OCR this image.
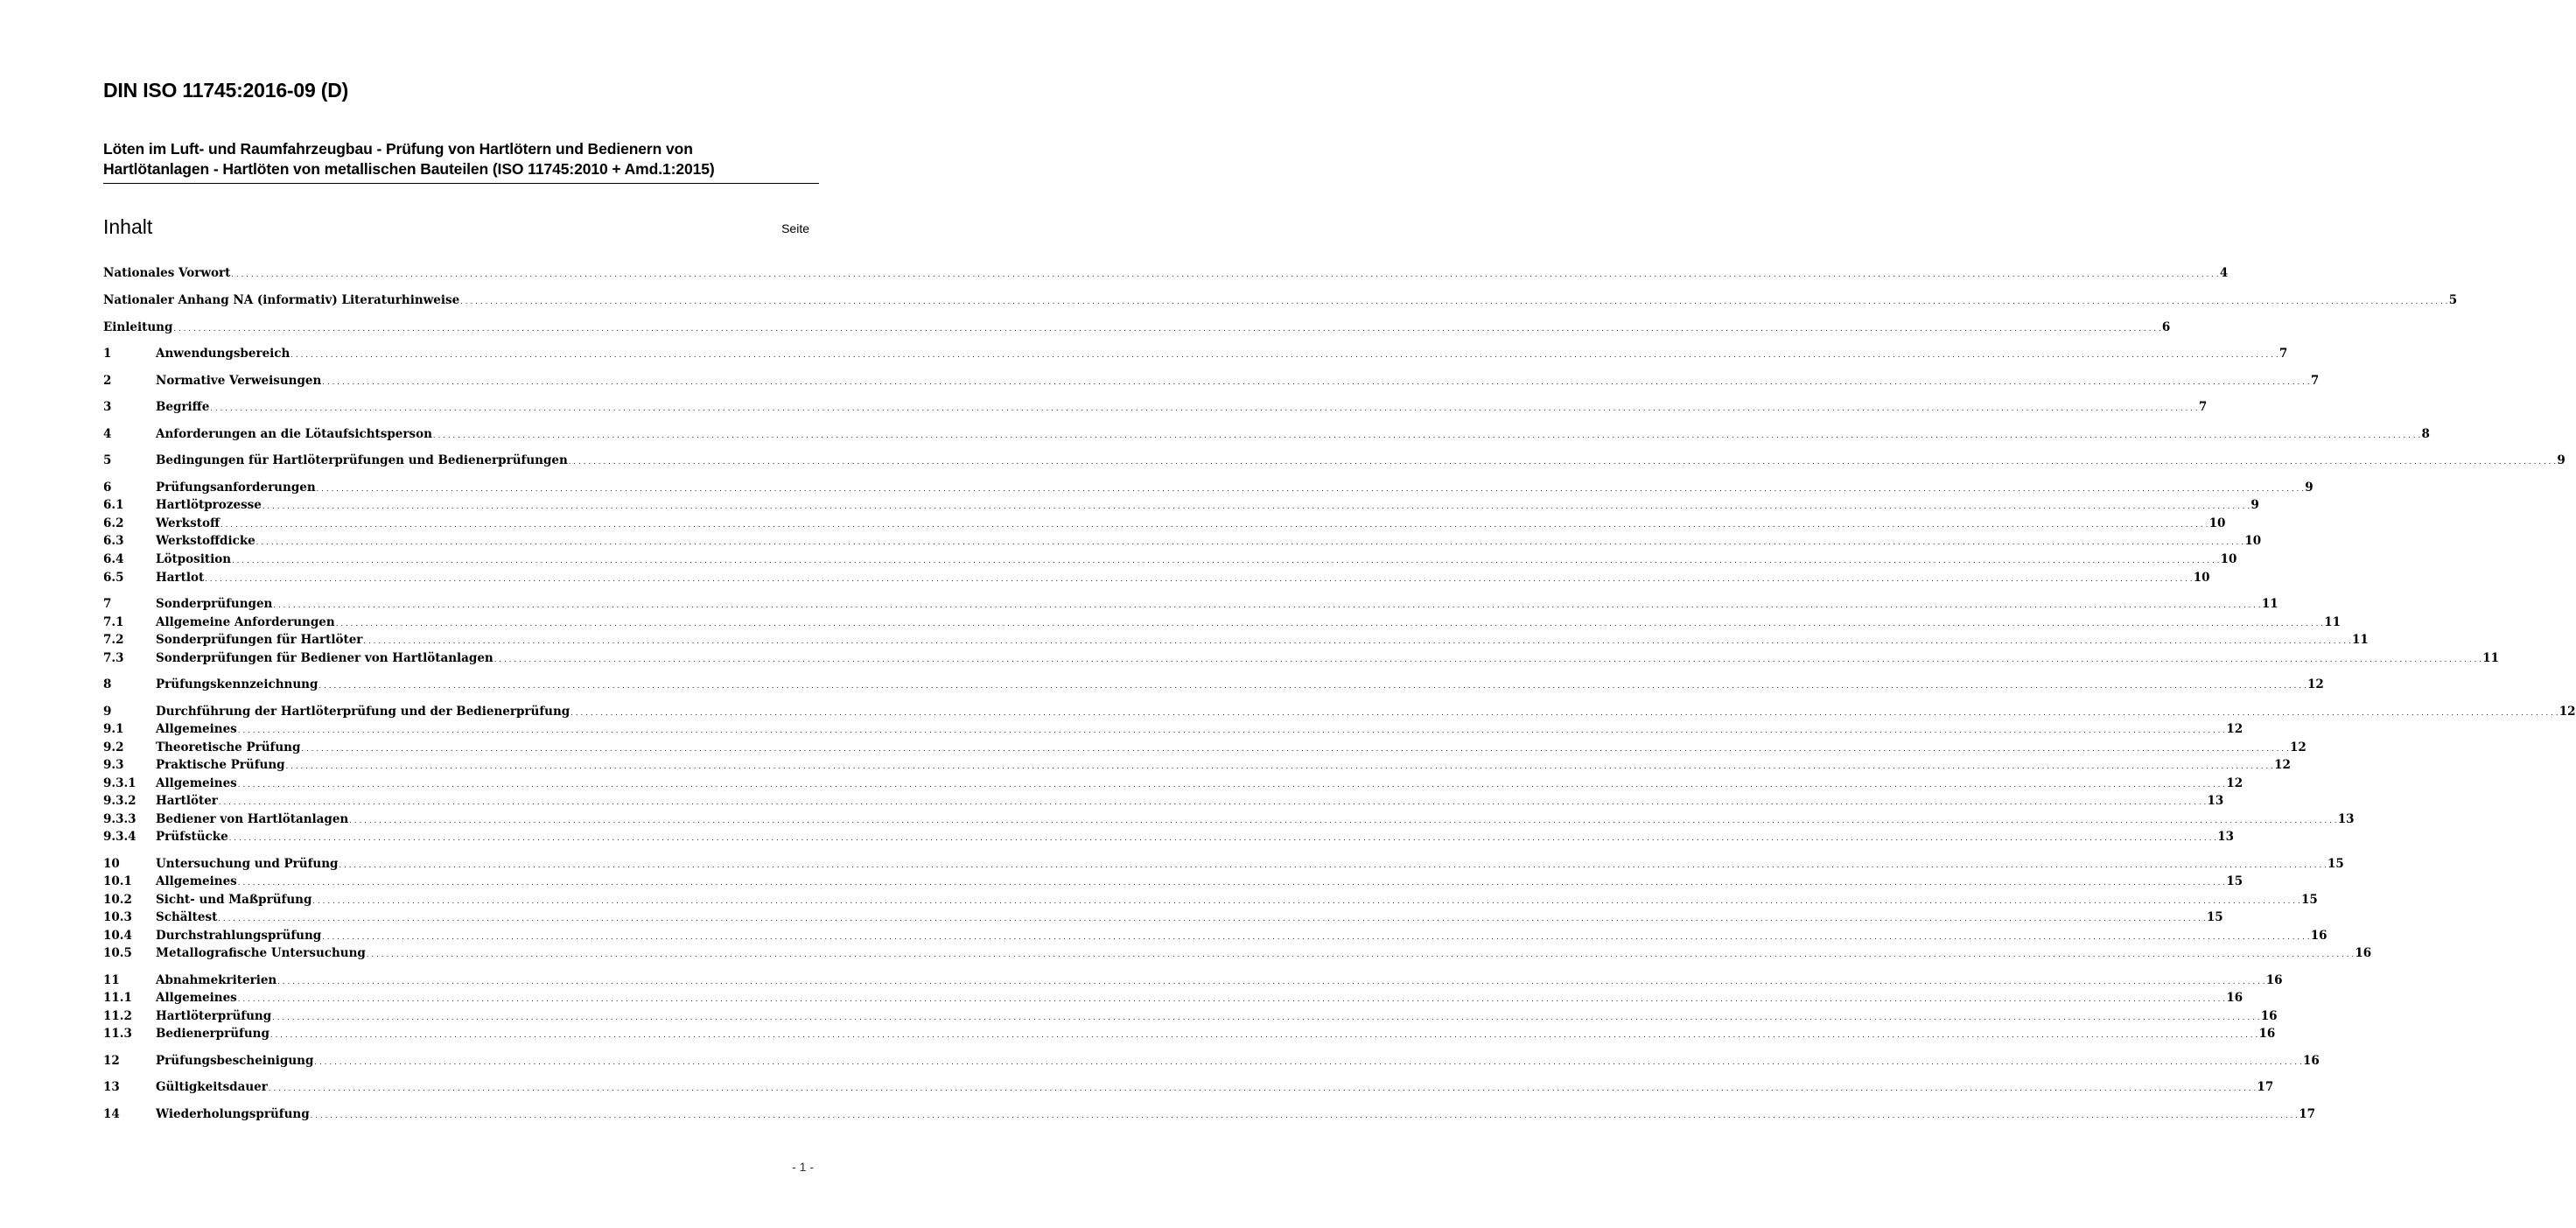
DIN ISO 11745:2016-09 (D)
Löten im Luft- und Raumfahrzeugbau - Prüfung von Hartlötern und Bedienern von
Hartlötanlagen - Hartlöten von metallischen Bauteilen (ISO 11745:2010 + Amd.1:2015)
Inhalt	Seite
Nationales Vorwort . . . . . . . . . . . . . . . . . . . . . . . . . . . . . . . . . . . . . . . . . . . . . . . . . . . . . . . . . . . . . . . . . . . . . . . . . . . . . . . . . . . . . . . . . . . . . . . . . . . . . . . . . . . . . . . . . . . . . . . . . . . . . . . . . . . . . . . . . . . . . . . . . . . . . . . . . . . . . . . . . . . . . . . . . . . . . . . . . . . . . . . . . . . . . . . . . . . . . . . . . . . . . . . . . . . . . . . . . . . . . . . . . . . . . . . . . . . . . . . . . . . . . . . . . . . . . . . . . . . . . . . . . . . . . . . . . . . . . . . . . . . . . . . . . . . . . . . . . . . . . . . . . . . . . . . . . . . . . . . . . . . . . . . . . . . . . . . . . . . . . . . . . . . . . . . . . . . . . . . . . . . . . . . . . . . . . . . . . . . . . . . . . . . . . . . . . . . . . . . . 4
Nationaler Anhang NA (informativ) Literaturhinweise . . . . . . . . . . . . . . . . . . . . . . . . . . . . . . . . . . . . . . . . . . . . . . . . . . . . . . . . . . . . . . . . . . . . . . . . . . . . . . . . . . . . . . . . . . . . . . . . . . . . . . . . . . . . . . . . . . . . . . . . . . . . . . . . . . . . . . . . . . . . . . . . . . . . . . . . . . . . . . . . . . . . . . . . . . . . . . . . . . . . . . . . . . . . . . . . . . . . . . . . . . . . . . . . . . . . . . . . . . . . . . . . . . . . . . . . . . . . . . . . . . . . . . . . . . . . . . . . . . . . . . . . . . . . . . . . . . . . . . . . . . . . . . . . . . . . . . . . . . . . . . . . . . . . . . . . . . . . . . . . . . . . . . . . . . . . . . . . . . . . . . . . . . . . . . . . . . . . . . . . . . . . . . . . . . . . . . . . . . . . . . . . . . . . . . . . . . . . . . . . 5
Einleitung . . . . . . . . . . . . . . . . . . . . . . . . . . . . . . . . . . . . . . . . . . . . . . . . . . . . . . . . . . . . . . . . . . . . . . . . . . . . . . . . . . . . . . . . . . . . . . . . . . . . . . . . . . . . . . . . . . . . . . . . . . . . . . . . . . . . . . . . . . . . . . . . . . . . . . . . . . . . . . . . . . . . . . . . . . . . . . . . . . . . . . . . . . . . . . . . . . . . . . . . . . . . . . . . . . . . . . . . . . . . . . . . . . . . . . . . . . . . . . . . . . . . . . . . . . . . . . . . . . . . . . . . . . . . . . . . . . . . . . . . . . . . . . . . . . . . . . . . . . . . . . . . . . . . . . . . . . . . . . . . . . . . . . . . . . . . . . . . . . . . . . . . . . . . . . . . . . . . . . . . . . . . . . . . . . . . . . . . . . . . . . . . . . . . . . . . . . . . . . . . 6
1	Anwendungsbereich . . . . . . . . . . . . . . . . . . . . . . . . . . . . . . . . . . . . . . . . . . . . . . . . . . . . . . . . . . . . . . . . . . . . . . . . . . . . . . . . . . . . . . . . . . . . . . . . . . . . . . . . . . . . . . . . . . . . . . . . . . . . . . . . . . . . . . . . . . . . . . . . . . . . . . . . . . . . . . . . . . . . . . . . . . . . . . . . . . . . . . . . . . . . . . . . . . . . . . . . . . . . . . . . . . . . . . . . . . . . . . . . . . . . . . . . . . . . . . . . . . . . . . . . . . . . . . . . . . . . . . . . . . . . . . . . . . . . . . . . . . . . . . . . . . . . . . . . . . . . . . . . . . . . . . . . . . . . . . . . . . . . . . . . . . . . . . . . . . . . . . . . . . . . . . . . . . . . . . . . . . . . . . . . . . . . . . . . . . . . . . . . . . . . . . . . . . . . . . . . 7
2	Normative Verweisungen . . . . . . . . . . . . . . . . . . . . . . . . . . . . . . . . . . . . . . . . . . . . . . . . . . . . . . . . . . . . . . . . . . . . . . . . . . . . . . . . . . . . . . . . . . . . . . . . . . . . . . . . . . . . . . . . . . . . . . . . . . . . . . . . . . . . . . . . . . . . . . . . . . . . . . . . . . . . . . . . . . . . . . . . . . . . . . . . . . . . . . . . . . . . . . . . . . . . . . . . . . . . . . . . . . . . . . . . . . . . . . . . . . . . . . . . . . . . . . . . . . . . . . . . . . . . . . . . . . . . . . . . . . . . . . . . . . . . . . . . . . . . . . . . . . . . . . . . . . . . . . . . . . . . . . . . . . . . . . . . . . . . . . . . . . . . . . . . . . . . . . . . . . . . . . . . . . . . . . . . . . . . . . . . . . . . . . . . . . . . . . . . . . . . . . . . . . . . . . . . 7
3	Begriffe . . . . . . . . . . . . . . . . . . . . . . . . . . . . . . . . . . . . . . . . . . . . . . . . . . . . . . . . . . . . . . . . . . . . . . . . . . . . . . . . . . . . . . . . . . . . . . . . . . . . . . . . . . . . . . . . . . . . . . . . . . . . . . . . . . . . . . . . . . . . . . . . . . . . . . . . . . . . . . . . . . . . . . . . . . . . . . . . . . . . . . . . . . . . . . . . . . . . . . . . . . . . . . . . . . . . . . . . . . . . . . . . . . . . . . . . . . . . . . . . . . . . . . . . . . . . . . . . . . . . . . . . . . . . . . . . . . . . . . . . . . . . . . . . . . . . . . . . . . . . . . . . . . . . . . . . . . . . . . . . . . . . . . . . . . . . . . . . . . . . . . . . . . . . . . . . . . . . . . . . . . . . . . . . . . . . . . . . . . . . . . . . . . . . . . . . . . . . . . . . 7
4	Anforderungen an die Lötaufsichtsperson . . . . . . . . . . . . . . . . . . . . . . . . . . . . . . . . . . . . . . . . . . . . . . . . . . . . . . . . . . . . . . . . . . . . . . . . . . . . . . . . . . . . . . . . . . . . . . . . . . . . . . . . . . . . . . . . . . . . . . . . . . . . . . . . . . . . . . . . . . . . . . . . . . . . . . . . . . . . . . . . . . . . . . . . . . . . . . . . . . . . . . . . . . . . . . . . . . . . . . . . . . . . . . . . . . . . . . . . . . . . . . . . . . . . . . . . . . . . . . . . . . . . . . . . . . . . . . . . . . . . . . . . . . . . . . . . . . . . . . . . . . . . . . . . . . . . . . . . . . . . . . . . . . . . . . . . . . . . . . . . . . . . . . . . . . . . . . . . . . . . . . . . . . . . . . . . . . . . . . . . . . . . . . . . . . . . . . . . . . . . . . . . . . . . . . . . . . . . . . . . 8
5	Bedingungen für Hartlöterprüfungen und Bedienerprüfungen . . . . . . . . . . . . . . . . . . . . . . . . . . . . . . . . . . . . . . . . . . . . . . . . . . . . . . . . . . . . . . . . . . . . . . . . . . . . . . . . . . . . . . . . . . . . . . . . . . . . . . . . . . . . . . . . . . . . . . . . . . . . . . . . . . . . . . . . . . . . . . . . . . . . . . . . . . . . . . . . . . . . . . . . . . . . . . . . . . . . . . . . . . . . . . . . . . . . . . . . . . . . . . . . . . . . . . . . . . . . . . . . . . . . . . . . . . . . . . . . . . . . . . . . . . . . . . . . . . . . . . . . . . . . . . . . . . . . . . . . . . . . . . . . . . . . . . . . . . . . . . . . . . . . . . . . . . . . . . . . . . . . . . . . . . . . . . . . . . . . . . . . . . . . . . . . . . . . . . . . . . . . . . . . . . . . . . . . . . . . . . . . . . . . . . . . . . . . . . . . 9
6	Prüfungsanforderungen . . . . . . . . . . . . . . . . . . . . . . . . . . . . . . . . . . . . . . . . . . . . . . . . . . . . . . . . . . . . . . . . . . . . . . . . . . . . . . . . . . . . . . . . . . . . . . . . . . . . . . . . . . . . . . . . . . . . . . . . . . . . . . . . . . . . . . . . . . . . . . . . . . . . . . . . . . . . . . . . . . . . . . . . . . . . . . . . . . . . . . . . . . . . . . . . . . . . . . . . . . . . . . . . . . . . . . . . . . . . . . . . . . . . . . . . . . . . . . . . . . . . . . . . . . . . . . . . . . . . . . . . . . . . . . . . . . . . . . . . . . . . . . . . . . . . . . . . . . . . . . . . . . . . . . . . . . . . . . . . . . . . . . . . . . . . . . . . . . . . . . . . . . . . . . . . . . . . . . . . . . . . . . . . . . . . . . . . . . . . . . . . . . . . . . . . . . . . . . . . 9
6.1	Hartlötprozesse . . . . . . . . . . . . . . . . . . . . . . . . . . . . . . . . . . . . . . . . . . . . . . . . . . . . . . . . . . . . . . . . . . . . . . . . . . . . . . . . . . . . . . . . . . . . . . . . . . . . . . . . . . . . . . . . . . . . . . . . . . . . . . . . . . . . . . . . . . . . . . . . . . . . . . . . . . . . . . . . . . . . . . . . . . . . . . . . . . . . . . . . . . . . . . . . . . . . . . . . . . . . . . . . . . . . . . . . . . . . . . . . . . . . . . . . . . . . . . . . . . . . . . . . . . . . . . . . . . . . . . . . . . . . . . . . . . . . . . . . . . . . . . . . . . . . . . . . . . . . . . . . . . . . . . . . . . . . . . . . . . . . . . . . . . . . . . . . . . . . . . . . . . . . . . . . . . . . . . . . . . . . . . . . . . . . . . . . . . . . . . . . . . . . . . . . . . . . . . . . 9
6.2	Werkstoff . . . . . . . . . . . . . . . . . . . . . . . . . . . . . . . . . . . . . . . . . . . . . . . . . . . . . . . . . . . . . . . . . . . . . . . . . . . . . . . . . . . . . . . . . . . . . . . . . . . . . . . . . . . . . . . . . . . . . . . . . . . . . . . . . . . . . . . . . . . . . . . . . . . . . . . . . . . . . . . . . . . . . . . . . . . . . . . . . . . . . . . . . . . . . . . . . . . . . . . . . . . . . . . . . . . . . . . . . . . . . . . . . . . . . . . . . . . . . . . . . . . . . . . . . . . . . . . . . . . . . . . . . . . . . . . . . . . . . . . . . . . . . . . . . . . . . . . . . . . . . . . . . . . . . . . . . . . . . . . . . . . . . . . . . . . . . . . . . . . . . . . . . . . . . . . . . . . . . . . . . . . . . . . . . . . . . . . . . . . . . . . . . . . . . . . . . . . . . . . . 10
6.3	Werkstoffdicke . . . . . . . . . . . . . . . . . . . . . . . . . . . . . . . . . . . . . . . . . . . . . . . . . . . . . . . . . . . . . . . . . . . . . . . . . . . . . . . . . . . . . . . . . . . . . . . . . . . . . . . . . . . . . . . . . . . . . . . . . . . . . . . . . . . . . . . . . . . . . . . . . . . . . . . . . . . . . . . . . . . . . . . . . . . . . . . . . . . . . . . . . . . . . . . . . . . . . . . . . . . . . . . . . . . . . . . . . . . . . . . . . . . . . . . . . . . . . . . . . . . . . . . . . . . . . . . . . . . . . . . . . . . . . . . . . . . . . . . . . . . . . . . . . . . . . . . . . . . . . . . . . . . . . . . . . . . . . . . . . . . . . . . . . . . . . . . . . . . . . . . . . . . . . . . . . . . . . . . . . . . . . . . . . . . . . . . . . . . . . . . . . . . . . . . . . . . . . . . . 10
6.4	Lötposition . . . . . . . . . . . . . . . . . . . . . . . . . . . . . . . . . . . . . . . . . . . . . . . . . . . . . . . . . . . . . . . . . . . . . . . . . . . . . . . . . . . . . . . . . . . . . . . . . . . . . . . . . . . . . . . . . . . . . . . . . . . . . . . . . . . . . . . . . . . . . . . . . . . . . . . . . . . . . . . . . . . . . . . . . . . . . . . . . . . . . . . . . . . . . . . . . . . . . . . . . . . . . . . . . . . . . . . . . . . . . . . . . . . . . . . . . . . . . . . . . . . . . . . . . . . . . . . . . . . . . . . . . . . . . . . . . . . . . . . . . . . . . . . . . . . . . . . . . . . . . . . . . . . . . . . . . . . . . . . . . . . . . . . . . . . . . . . . . . . . . . . . . . . . . . . . . . . . . . . . . . . . . . . . . . . . . . . . . . . . . . . . . . . . . . . . . . . . . . . . 10
6.5	Hartlot . . . . . . . . . . . . . . . . . . . . . . . . . . . . . . . . . . . . . . . . . . . . . . . . . . . . . . . . . . . . . . . . . . . . . . . . . . . . . . . . . . . . . . . . . . . . . . . . . . . . . . . . . . . . . . . . . . . . . . . . . . . . . . . . . . . . . . . . . . . . . . . . . . . . . . . . . . . . . . . . . . . . . . . . . . . . . . . . . . . . . . . . . . . . . . . . . . . . . . . . . . . . . . . . . . . . . . . . . . . . . . . . . . . . . . . . . . . . . . . . . . . . . . . . . . . . . . . . . . . . . . . . . . . . . . . . . . . . . . . . . . . . . . . . . . . . . . . . . . . . . . . . . . . . . . . . . . . . . . . . . . . . . . . . . . . . . . . . . . . . . . . . . . . . . . . . . . . . . . . . . . . . . . . . . . . . . . . . . . . . . . . . . . . . . . . . . . . . . . . . 10
7	Sonderprüfungen . . . . . . . . . . . . . . . . . . . . . . . . . . . . . . . . . . . . . . . . . . . . . . . . . . . . . . . . . . . . . . . . . . . . . . . . . . . . . . . . . . . . . . . . . . . . . . . . . . . . . . . . . . . . . . . . . . . . . . . . . . . . . . . . . . . . . . . . . . . . . . . . . . . . . . . . . . . . . . . . . . . . . . . . . . . . . . . . . . . . . . . . . . . . . . . . . . . . . . . . . . . . . . . . . . . . . . . . . . . . . . . . . . . . . . . . . . . . . . . . . . . . . . . . . . . . . . . . . . . . . . . . . . . . . . . . . . . . . . . . . . . . . . . . . . . . . . . . . . . . . . . . . . . . . . . . . . . . . . . . . . . . . . . . . . . . . . . . . . . . . . . . . . . . . . . . . . . . . . . . . . . . . . . . . . . . . . . . . . . . . . . . . . . . . . . . . . . . . . . . 11
7.1	Allgemeine Anforderungen . . . . . . . . . . . . . . . . . . . . . . . . . . . . . . . . . . . . . . . . . . . . . . . . . . . . . . . . . . . . . . . . . . . . . . . . . . . . . . . . . . . . . . . . . . . . . . . . . . . . . . . . . . . . . . . . . . . . . . . . . . . . . . . . . . . . . . . . . . . . . . . . . . . . . . . . . . . . . . . . . . . . . . . . . . . . . . . . . . . . . . . . . . . . . . . . . . . . . . . . . . . . . . . . . . . . . . . . . . . . . . . . . . . . . . . . . . . . . . . . . . . . . . . . . . . . . . . . . . . . . . . . . . . . . . . . . . . . . . . . . . . . . . . . . . . . . . . . . . . . . . . . . . . . . . . . . . . . . . . . . . . . . . . . . . . . . . . . . . . . . . . . . . . . . . . . . . . . . . . . . . . . . . . . . . . . . . . . . . . . . . . . . . . . . . . . . . . . . . . . 11
7.2	Sonderprüfungen für Hartlöter . . . . . . . . . . . . . . . . . . . . . . . . . . . . . . . . . . . . . . . . . . . . . . . . . . . . . . . . . . . . . . . . . . . . . . . . . . . . . . . . . . . . . . . . . . . . . . . . . . . . . . . . . . . . . . . . . . . . . . . . . . . . . . . . . . . . . . . . . . . . . . . . . . . . . . . . . . . . . . . . . . . . . . . . . . . . . . . . . . . . . . . . . . . . . . . . . . . . . . . . . . . . . . . . . . . . . . . . . . . . . . . . . . . . . . . . . . . . . . . . . . . . . . . . . . . . . . . . . . . . . . . . . . . . . . . . . . . . . . . . . . . . . . . . . . . . . . . . . . . . . . . . . . . . . . . . . . . . . . . . . . . . . . . . . . . . . . . . . . . . . . . . . . . . . . . . . . . . . . . . . . . . . . . . . . . . . . . . . . . . . . . . . . . . . . . . . . . . . . . . 11
7.3	Sonderprüfungen für Bediener von Hartlötanlagen . . . . . . . . . . . . . . . . . . . . . . . . . . . . . . . . . . . . . . . . . . . . . . . . . . . . . . . . . . . . . . . . . . . . . . . . . . . . . . . . . . . . . . . . . . . . . . . . . . . . . . . . . . . . . . . . . . . . . . . . . . . . . . . . . . . . . . . . . . . . . . . . . . . . . . . . . . . . . . . . . . . . . . . . . . . . . . . . . . . . . . . . . . . . . . . . . . . . . . . . . . . . . . . . . . . . . . . . . . . . . . . . . . . . . . . . . . . . . . . . . . . . . . . . . . . . . . . . . . . . . . . . . . . . . . . . . . . . . . . . . . . . . . . . . . . . . . . . . . . . . . . . . . . . . . . . . . . . . . . . . . . . . . . . . . . . . . . . . . . . . . . . . . . . . . . . . . . . . . . . . . . . . . . . . . . . . . . . . . . . . . . . . . . . . . . . . . . . . . . . 11
8	Prüfungskennzeichnung . . . . . . . . . . . . . . . . . . . . . . . . . . . . . . . . . . . . . . . . . . . . . . . . . . . . . . . . . . . . . . . . . . . . . . . . . . . . . . . . . . . . . . . . . . . . . . . . . . . . . . . . . . . . . . . . . . . . . . . . . . . . . . . . . . . . . . . . . . . . . . . . . . . . . . . . . . . . . . . . . . . . . . . . . . . . . . . . . . . . . . . . . . . . . . . . . . . . . . . . . . . . . . . . . . . . . . . . . . . . . . . . . . . . . . . . . . . . . . . . . . . . . . . . . . . . . . . . . . . . . . . . . . . . . . . . . . . . . . . . . . . . . . . . . . . . . . . . . . . . . . . . . . . . . . . . . . . . . . . . . . . . . . . . . . . . . . . . . . . . . . . . . . . . . . . . . . . . . . . . . . . . . . . . . . . . . . . . . . . . . . . . . . . . . . . . . . . . . . . . 12
9	Durchführung der Hartlöterprüfung und der Bedienerprüfung . . . . . . . . . . . . . . . . . . . . . . . . . . . . . . . . . . . . . . . . . . . . . . . . . . . . . . . . . . . . . . . . . . . . . . . . . . . . . . . . . . . . . . . . . . . . . . . . . . . . . . . . . . . . . . . . . . . . . . . . . . . . . . . . . . . . . . . . . . . . . . . . . . . . . . . . . . . . . . . . . . . . . . . . . . . . . . . . . . . . . . . . . . . . . . . . . . . . . . . . . . . . . . . . . . . . . . . . . . . . . . . . . . . . . . . . . . . . . . . . . . . . . . . . . . . . . . . . . . . . . . . . . . . . . . . . . . . . . . . . . . . . . . . . . . . . . . . . . . . . . . . . . . . . . . . . . . . . . . . . . . . . . . . . . . . . . . . . . . . . . . . . . . . . . . . . . . . . . . . . . . . . . . . . . . . . . . . . . . . . . . . . . . . . . . . . . . . . . . . . 12
9.1	Allgemeines . . . . . . . . . . . . . . . . . . . . . . . . . . . . . . . . . . . . . . . . . . . . . . . . . . . . . . . . . . . . . . . . . . . . . . . . . . . . . . . . . . . . . . . . . . . . . . . . . . . . . . . . . . . . . . . . . . . . . . . . . . . . . . . . . . . . . . . . . . . . . . . . . . . . . . . . . . . . . . . . . . . . . . . . . . . . . . . . . . . . . . . . . . . . . . . . . . . . . . . . . . . . . . . . . . . . . . . . . . . . . . . . . . . . . . . . . . . . . . . . . . . . . . . . . . . . . . . . . . . . . . . . . . . . . . . . . . . . . . . . . . . . . . . . . . . . . . . . . . . . . . . . . . . . . . . . . . . . . . . . . . . . . . . . . . . . . . . . . . . . . . . . . . . . . . . . . . . . . . . . . . . . . . . . . . . . . . . . . . . . . . . . . . . . . . . . . . . . . . . . 12
9.2	Theoretische Prüfung . . . . . . . . . . . . . . . . . . . . . . . . . . . . . . . . . . . . . . . . . . . . . . . . . . . . . . . . . . . . . . . . . . . . . . . . . . . . . . . . . . . . . . . . . . . . . . . . . . . . . . . . . . . . . . . . . . . . . . . . . . . . . . . . . . . . . . . . . . . . . . . . . . . . . . . . . . . . . . . . . . . . . . . . . . . . . . . . . . . . . . . . . . . . . . . . . . . . . . . . . . . . . . . . . . . . . . . . . . . . . . . . . . . . . . . . . . . . . . . . . . . . . . . . . . . . . . . . . . . . . . . . . . . . . . . . . . . . . . . . . . . . . . . . . . . . . . . . . . . . . . . . . . . . . . . . . . . . . . . . . . . . . . . . . . . . . . . . . . . . . . . . . . . . . . . . . . . . . . . . . . . . . . . . . . . . . . . . . . . . . . . . . . . . . . . . . . . . . . . . 12
9.3	Praktische Prüfung . . . . . . . . . . . . . . . . . . . . . . . . . . . . . . . . . . . . . . . . . . . . . . . . . . . . . . . . . . . . . . . . . . . . . . . . . . . . . . . . . . . . . . . . . . . . . . . . . . . . . . . . . . . . . . . . . . . . . . . . . . . . . . . . . . . . . . . . . . . . . . . . . . . . . . . . . . . . . . . . . . . . . . . . . . . . . . . . . . . . . . . . . . . . . . . . . . . . . . . . . . . . . . . . . . . . . . . . . . . . . . . . . . . . . . . . . . . . . . . . . . . . . . . . . . . . . . . . . . . . . . . . . . . . . . . . . . . . . . . . . . . . . . . . . . . . . . . . . . . . . . . . . . . . . . . . . . . . . . . . . . . . . . . . . . . . . . . . . . . . . . . . . . . . . . . . . . . . . . . . . . . . . . . . . . . . . . . . . . . . . . . . . . . . . . . . . . . . . . . . 12
9.3.1	Allgemeines . . . . . . . . . . . . . . . . . . . . . . . . . . . . . . . . . . . . . . . . . . . . . . . . . . . . . . . . . . . . . . . . . . . . . . . . . . . . . . . . . . . . . . . . . . . . . . . . . . . . . . . . . . . . . . . . . . . . . . . . . . . . . . . . . . . . . . . . . . . . . . . . . . . . . . . . . . . . . . . . . . . . . . . . . . . . . . . . . . . . . . . . . . . . . . . . . . . . . . . . . . . . . . . . . . . . . . . . . . . . . . . . . . . . . . . . . . . . . . . . . . . . . . . . . . . . . . . . . . . . . . . . . . . . . . . . . . . . . . . . . . . . . . . . . . . . . . . . . . . . . . . . . . . . . . . . . . . . . . . . . . . . . . . . . . . . . . . . . . . . . . . . . . . . . . . . . . . . . . . . . . . . . . . . . . . . . . . . . . . . . . . . . . . . . . . . . . . . . . . . 12
9.3.2	Hartlöter . . . . . . . . . . . . . . . . . . . . . . . . . . . . . . . . . . . . . . . . . . . . . . . . . . . . . . . . . . . . . . . . . . . . . . . . . . . . . . . . . . . . . . . . . . . . . . . . . . . . . . . . . . . . . . . . . . . . . . . . . . . . . . . . . . . . . . . . . . . . . . . . . . . . . . . . . . . . . . . . . . . . . . . . . . . . . . . . . . . . . . . . . . . . . . . . . . . . . . . . . . . . . . . . . . . . . . . . . . . . . . . . . . . . . . . . . . . . . . . . . . . . . . . . . . . . . . . . . . . . . . . . . . . . . . . . . . . . . . . . . . . . . . . . . . . . . . . . . . . . . . . . . . . . . . . . . . . . . . . . . . . . . . . . . . . . . . . . . . . . . . . . . . . . . . . . . . . . . . . . . . . . . . . . . . . . . . . . . . . . . . . . . . . . . . . . . . . . . . . . 13
9.3.3	Bediener von Hartlötanlagen . . . . . . . . . . . . . . . . . . . . . . . . . . . . . . . . . . . . . . . . . . . . . . . . . . . . . . . . . . . . . . . . . . . . . . . . . . . . . . . . . . . . . . . . . . . . . . . . . . . . . . . . . . . . . . . . . . . . . . . . . . . . . . . . . . . . . . . . . . . . . . . . . . . . . . . . . . . . . . . . . . . . . . . . . . . . . . . . . . . . . . . . . . . . . . . . . . . . . . . . . . . . . . . . . . . . . . . . . . . . . . . . . . . . . . . . . . . . . . . . . . . . . . . . . . . . . . . . . . . . . . . . . . . . . . . . . . . . . . . . . . . . . . . . . . . . . . . . . . . . . . . . . . . . . . . . . . . . . . . . . . . . . . . . . . . . . . . . . . . . . . . . . . . . . . . . . . . . . . . . . . . . . . . . . . . . . . . . . . . . . . . . . . . . . . . . . . . . . . . . 13
9.3.4	Prüfstücke . . . . . . . . . . . . . . . . . . . . . . . . . . . . . . . . . . . . . . . . . . . . . . . . . . . . . . . . . . . . . . . . . . . . . . . . . . . . . . . . . . . . . . . . . . . . . . . . . . . . . . . . . . . . . . . . . . . . . . . . . . . . . . . . . . . . . . . . . . . . . . . . . . . . . . . . . . . . . . . . . . . . . . . . . . . . . . . . . . . . . . . . . . . . . . . . . . . . . . . . . . . . . . . . . . . . . . . . . . . . . . . . . . . . . . . . . . . . . . . . . . . . . . . . . . . . . . . . . . . . . . . . . . . . . . . . . . . . . . . . . . . . . . . . . . . . . . . . . . . . . . . . . . . . . . . . . . . . . . . . . . . . . . . . . . . . . . . . . . . . . . . . . . . . . . . . . . . . . . . . . . . . . . . . . . . . . . . . . . . . . . . . . . . . . . . . . . . . . . . . 13
10	Untersuchung und Prüfung . . . . . . . . . . . . . . . . . . . . . . . . . . . . . . . . . . . . . . . . . . . . . . . . . . . . . . . . . . . . . . . . . . . . . . . . . . . . . . . . . . . . . . . . . . . . . . . . . . . . . . . . . . . . . . . . . . . . . . . . . . . . . . . . . . . . . . . . . . . . . . . . . . . . . . . . . . . . . . . . . . . . . . . . . . . . . . . . . . . . . . . . . . . . . . . . . . . . . . . . . . . . . . . . . . . . . . . . . . . . . . . . . . . . . . . . . . . . . . . . . . . . . . . . . . . . . . . . . . . . . . . . . . . . . . . . . . . . . . . . . . . . . . . . . . . . . . . . . . . . . . . . . . . . . . . . . . . . . . . . . . . . . . . . . . . . . . . . . . . . . . . . . . . . . . . . . . . . . . . . . . . . . . . . . . . . . . . . . . . . . . . . . . . . . . . . . . . . . . . . 15
10.1	Allgemeines . . . . . . . . . . . . . . . . . . . . . . . . . . . . . . . . . . . . . . . . . . . . . . . . . . . . . . . . . . . . . . . . . . . . . . . . . . . . . . . . . . . . . . . . . . . . . . . . . . . . . . . . . . . . . . . . . . . . . . . . . . . . . . . . . . . . . . . . . . . . . . . . . . . . . . . . . . . . . . . . . . . . . . . . . . . . . . . . . . . . . . . . . . . . . . . . . . . . . . . . . . . . . . . . . . . . . . . . . . . . . . . . . . . . . . . . . . . . . . . . . . . . . . . . . . . . . . . . . . . . . . . . . . . . . . . . . . . . . . . . . . . . . . . . . . . . . . . . . . . . . . . . . . . . . . . . . . . . . . . . . . . . . . . . . . . . . . . . . . . . . . . . . . . . . . . . . . . . . . . . . . . . . . . . . . . . . . . . . . . . . . . . . . . . . . . . . . . . . . . . 15
10.2	Sicht- und Maßprüfung . . . . . . . . . . . . . . . . . . . . . . . . . . . . . . . . . . . . . . . . . . . . . . . . . . . . . . . . . . . . . . . . . . . . . . . . . . . . . . . . . . . . . . . . . . . . . . . . . . . . . . . . . . . . . . . . . . . . . . . . . . . . . . . . . . . . . . . . . . . . . . . . . . . . . . . . . . . . . . . . . . . . . . . . . . . . . . . . . . . . . . . . . . . . . . . . . . . . . . . . . . . . . . . . . . . . . . . . . . . . . . . . . . . . . . . . . . . . . . . . . . . . . . . . . . . . . . . . . . . . . . . . . . . . . . . . . . . . . . . . . . . . . . . . . . . . . . . . . . . . . . . . . . . . . . . . . . . . . . . . . . . . . . . . . . . . . . . . . . . . . . . . . . . . . . . . . . . . . . . . . . . . . . . . . . . . . . . . . . . . . . . . . . . . . . . . . . . . . . . . 15
10.3	Schältest . . . . . . . . . . . . . . . . . . . . . . . . . . . . . . . . . . . . . . . . . . . . . . . . . . . . . . . . . . . . . . . . . . . . . . . . . . . . . . . . . . . . . . . . . . . . . . . . . . . . . . . . . . . . . . . . . . . . . . . . . . . . . . . . . . . . . . . . . . . . . . . . . . . . . . . . . . . . . . . . . . . . . . . . . . . . . . . . . . . . . . . . . . . . . . . . . . . . . . . . . . . . . . . . . . . . . . . . . . . . . . . . . . . . . . . . . . . . . . . . . . . . . . . . . . . . . . . . . . . . . . . . . . . . . . . . . . . . . . . . . . . . . . . . . . . . . . . . . . . . . . . . . . . . . . . . . . . . . . . . . . . . . . . . . . . . . . . . . . . . . . . . . . . . . . . . . . . . . . . . . . . . . . . . . . . . . . . . . . . . . . . . . . . . . . . . . . . . . . . . 15
10.4	Durchstrahlungsprüfung . . . . . . . . . . . . . . . . . . . . . . . . . . . . . . . . . . . . . . . . . . . . . . . . . . . . . . . . . . . . . . . . . . . . . . . . . . . . . . . . . . . . . . . . . . . . . . . . . . . . . . . . . . . . . . . . . . . . . . . . . . . . . . . . . . . . . . . . . . . . . . . . . . . . . . . . . . . . . . . . . . . . . . . . . . . . . . . . . . . . . . . . . . . . . . . . . . . . . . . . . . . . . . . . . . . . . . . . . . . . . . . . . . . . . . . . . . . . . . . . . . . . . . . . . . . . . . . . . . . . . . . . . . . . . . . . . . . . . . . . . . . . . . . . . . . . . . . . . . . . . . . . . . . . . . . . . . . . . . . . . . . . . . . . . . . . . . . . . . . . . . . . . . . . . . . . . . . . . . . . . . . . . . . . . . . . . . . . . . . . . . . . . . . . . . . . . . . . . . . . 16
10.5	Metallografische Untersuchung . . . . . . . . . . . . . . . . . . . . . . . . . . . . . . . . . . . . . . . . . . . . . . . . . . . . . . . . . . . . . . . . . . . . . . . . . . . . . . . . . . . . . . . . . . . . . . . . . . . . . . . . . . . . . . . . . . . . . . . . . . . . . . . . . . . . . . . . . . . . . . . . . . . . . . . . . . . . . . . . . . . . . . . . . . . . . . . . . . . . . . . . . . . . . . . . . . . . . . . . . . . . . . . . . . . . . . . . . . . . . . . . . . . . . . . . . . . . . . . . . . . . . . . . . . . . . . . . . . . . . . . . . . . . . . . . . . . . . . . . . . . . . . . . . . . . . . . . . . . . . . . . . . . . . . . . . . . . . . . . . . . . . . . . . . . . . . . . . . . . . . . . . . . . . . . . . . . . . . . . . . . . . . . . . . . . . . . . . . . . . . . . . . . . . . . . . . . . . . . . 16
11	Abnahmekriterien . . . . . . . . . . . . . . . . . . . . . . . . . . . . . . . . . . . . . . . . . . . . . . . . . . . . . . . . . . . . . . . . . . . . . . . . . . . . . . . . . . . . . . . . . . . . . . . . . . . . . . . . . . . . . . . . . . . . . . . . . . . . . . . . . . . . . . . . . . . . . . . . . . . . . . . . . . . . . . . . . . . . . . . . . . . . . . . . . . . . . . . . . . . . . . . . . . . . . . . . . . . . . . . . . . . . . . . . . . . . . . . . . . . . . . . . . . . . . . . . . . . . . . . . . . . . . . . . . . . . . . . . . . . . . . . . . . . . . . . . . . . . . . . . . . . . . . . . . . . . . . . . . . . . . . . . . . . . . . . . . . . . . . . . . . . . . . . . . . . . . . . . . . . . . . . . . . . . . . . . . . . . . . . . . . . . . . . . . . . . . . . . . . . . . . . . . . . . . . . . 16
11.1	Allgemeines . . . . . . . . . . . . . . . . . . . . . . . . . . . . . . . . . . . . . . . . . . . . . . . . . . . . . . . . . . . . . . . . . . . . . . . . . . . . . . . . . . . . . . . . . . . . . . . . . . . . . . . . . . . . . . . . . . . . . . . . . . . . . . . . . . . . . . . . . . . . . . . . . . . . . . . . . . . . . . . . . . . . . . . . . . . . . . . . . . . . . . . . . . . . . . . . . . . . . . . . . . . . . . . . . . . . . . . . . . . . . . . . . . . . . . . . . . . . . . . . . . . . . . . . . . . . . . . . . . . . . . . . . . . . . . . . . . . . . . . . . . . . . . . . . . . . . . . . . . . . . . . . . . . . . . . . . . . . . . . . . . . . . . . . . . . . . . . . . . . . . . . . . . . . . . . . . . . . . . . . . . . . . . . . . . . . . . . . . . . . . . . . . . . . . . . . . . . . . . . . 16
11.2	Hartlöterprüfung . . . . . . . . . . . . . . . . . . . . . . . . . . . . . . . . . . . . . . . . . . . . . . . . . . . . . . . . . . . . . . . . . . . . . . . . . . . . . . . . . . . . . . . . . . . . . . . . . . . . . . . . . . . . . . . . . . . . . . . . . . . . . . . . . . . . . . . . . . . . . . . . . . . . . . . . . . . . . . . . . . . . . . . . . . . . . . . . . . . . . . . . . . . . . . . . . . . . . . . . . . . . . . . . . . . . . . . . . . . . . . . . . . . . . . . . . . . . . . . . . . . . . . . . . . . . . . . . . . . . . . . . . . . . . . . . . . . . . . . . . . . . . . . . . . . . . . . . . . . . . . . . . . . . . . . . . . . . . . . . . . . . . . . . . . . . . . . . . . . . . . . . . . . . . . . . . . . . . . . . . . . . . . . . . . . . . . . . . . . . . . . . . . . . . . . . . . . . . . . . 16
11.3	Bedienerprüfung . . . . . . . . . . . . . . . . . . . . . . . . . . . . . . . . . . . . . . . . . . . . . . . . . . . . . . . . . . . . . . . . . . . . . . . . . . . . . . . . . . . . . . . . . . . . . . . . . . . . . . . . . . . . . . . . . . . . . . . . . . . . . . . . . . . . . . . . . . . . . . . . . . . . . . . . . . . . . . . . . . . . . . . . . . . . . . . . . . . . . . . . . . . . . . . . . . . . . . . . . . . . . . . . . . . . . . . . . . . . . . . . . . . . . . . . . . . . . . . . . . . . . . . . . . . . . . . . . . . . . . . . . . . . . . . . . . . . . . . . . . . . . . . . . . . . . . . . . . . . . . . . . . . . . . . . . . . . . . . . . . . . . . . . . . . . . . . . . . . . . . . . . . . . . . . . . . . . . . . . . . . . . . . . . . . . . . . . . . . . . . . . . . . . . . . . . . . . . . . . 16
12	Prüfungsbescheinigung . . . . . . . . . . . . . . . . . . . . . . . . . . . . . . . . . . . . . . . . . . . . . . . . . . . . . . . . . . . . . . . . . . . . . . . . . . . . . . . . . . . . . . . . . . . . . . . . . . . . . . . . . . . . . . . . . . . . . . . . . . . . . . . . . . . . . . . . . . . . . . . . . . . . . . . . . . . . . . . . . . . . . . . . . . . . . . . . . . . . . . . . . . . . . . . . . . . . . . . . . . . . . . . . . . . . . . . . . . . . . . . . . . . . . . . . . . . . . . . . . . . . . . . . . . . . . . . . . . . . . . . . . . . . . . . . . . . . . . . . . . . . . . . . . . . . . . . . . . . . . . . . . . . . . . . . . . . . . . . . . . . . . . . . . . . . . . . . . . . . . . . . . . . . . . . . . . . . . . . . . . . . . . . . . . . . . . . . . . . . . . . . . . . . . . . . . . . . . . . . 16
13	Gültigkeitsdauer . . . . . . . . . . . . . . . . . . . . . . . . . . . . . . . . . . . . . . . . . . . . . . . . . . . . . . . . . . . . . . . . . . . . . . . . . . . . . . . . . . . . . . . . . . . . . . . . . . . . . . . . . . . . . . . . . . . . . . . . . . . . . . . . . . . . . . . . . . . . . . . . . . . . . . . . . . . . . . . . . . . . . . . . . . . . . . . . . . . . . . . . . . . . . . . . . . . . . . . . . . . . . . . . . . . . . . . . . . . . . . . . . . . . . . . . . . . . . . . . . . . . . . . . . . . . . . . . . . . . . . . . . . . . . . . . . . . . . . . . . . . . . . . . . . . . . . . . . . . . . . . . . . . . . . . . . . . . . . . . . . . . . . . . . . . . . . . . . . . . . . . . . . . . . . . . . . . . . . . . . . . . . . . . . . . . . . . . . . . . . . . . . . . . . . . . . . . . . . . . 17
14	Wiederholungsprüfung . . . . . . . . . . . . . . . . . . . . . . . . . . . . . . . . . . . . . . . . . . . . . . . . . . . . . . . . . . . . . . . . . . . . . . . . . . . . . . . . . . . . . . . . . . . . . . . . . . . . . . . . . . . . . . . . . . . . . . . . . . . . . . . . . . . . . . . . . . . . . . . . . . . . . . . . . . . . . . . . . . . . . . . . . . . . . . . . . . . . . . . . . . . . . . . . . . . . . . . . . . . . . . . . . . . . . . . . . . . . . . . . . . . . . . . . . . . . . . . . . . . . . . . . . . . . . . . . . . . . . . . . . . . . . . . . . . . . . . . . . . . . . . . . . . . . . . . . . . . . . . . . . . . . . . . . . . . . . . . . . . . . . . . . . . . . . . . . . . . . . . . . . . . . . . . . . . . . . . . . . . . . . . . . . . . . . . . . . . . . . . . . . . . . . . . . . . . . . . . . 17
- 1 -
